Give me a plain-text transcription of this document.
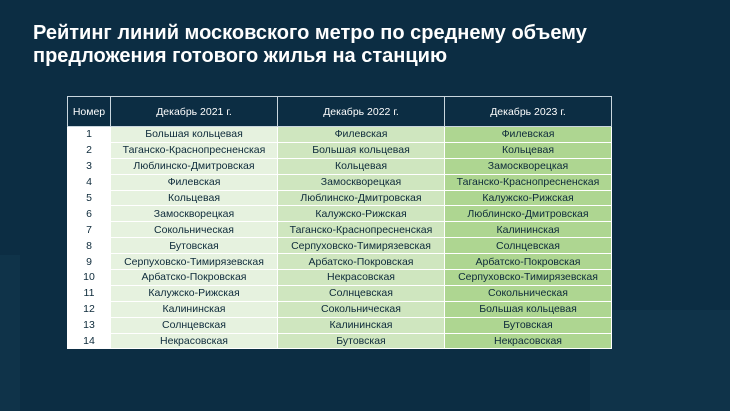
Рейтинг линий московского метро по среднему объему
предложения готового жилья на станцию
Номер	Декабрь 2021 г.	Декабрь 2022 г.	Декабрь 2023 г.
1	Большая кольцевая	Филевская	Филевская
2	Таганско-Краснопресненская	Большая кольцевая	Кольцевая
3	Люблинско-Дмитровская	Кольцевая	Замоскворецкая
4	Филевская	Замоскворецкая	Таганско-Краснопресненская
5	Кольцевая	Люблинско-Дмитровская	Калужско-Рижская
6	Замоскворецкая	Калужско-Рижская	Люблинско-Дмитровская
7	Сокольническая	Таганско-Краснопресненская	Калининская
8	Бутовская	Серпуховско-Тимирязевская	Солнцевская
9	Серпуховско-Тимирязевская	Арбатско-Покровская	Арбатско-Покровская
10	Арбатско-Покровская	Некрасовская	Серпуховско-Тимирязевская
11	Калужско-Рижская	Солнцевская	Сокольническая
12	Калининская	Сокольническая	Большая кольцевая
13	Солнцевская	Калининская	Бутовская
14	Некрасовская	Бутовская	Некрасовская
